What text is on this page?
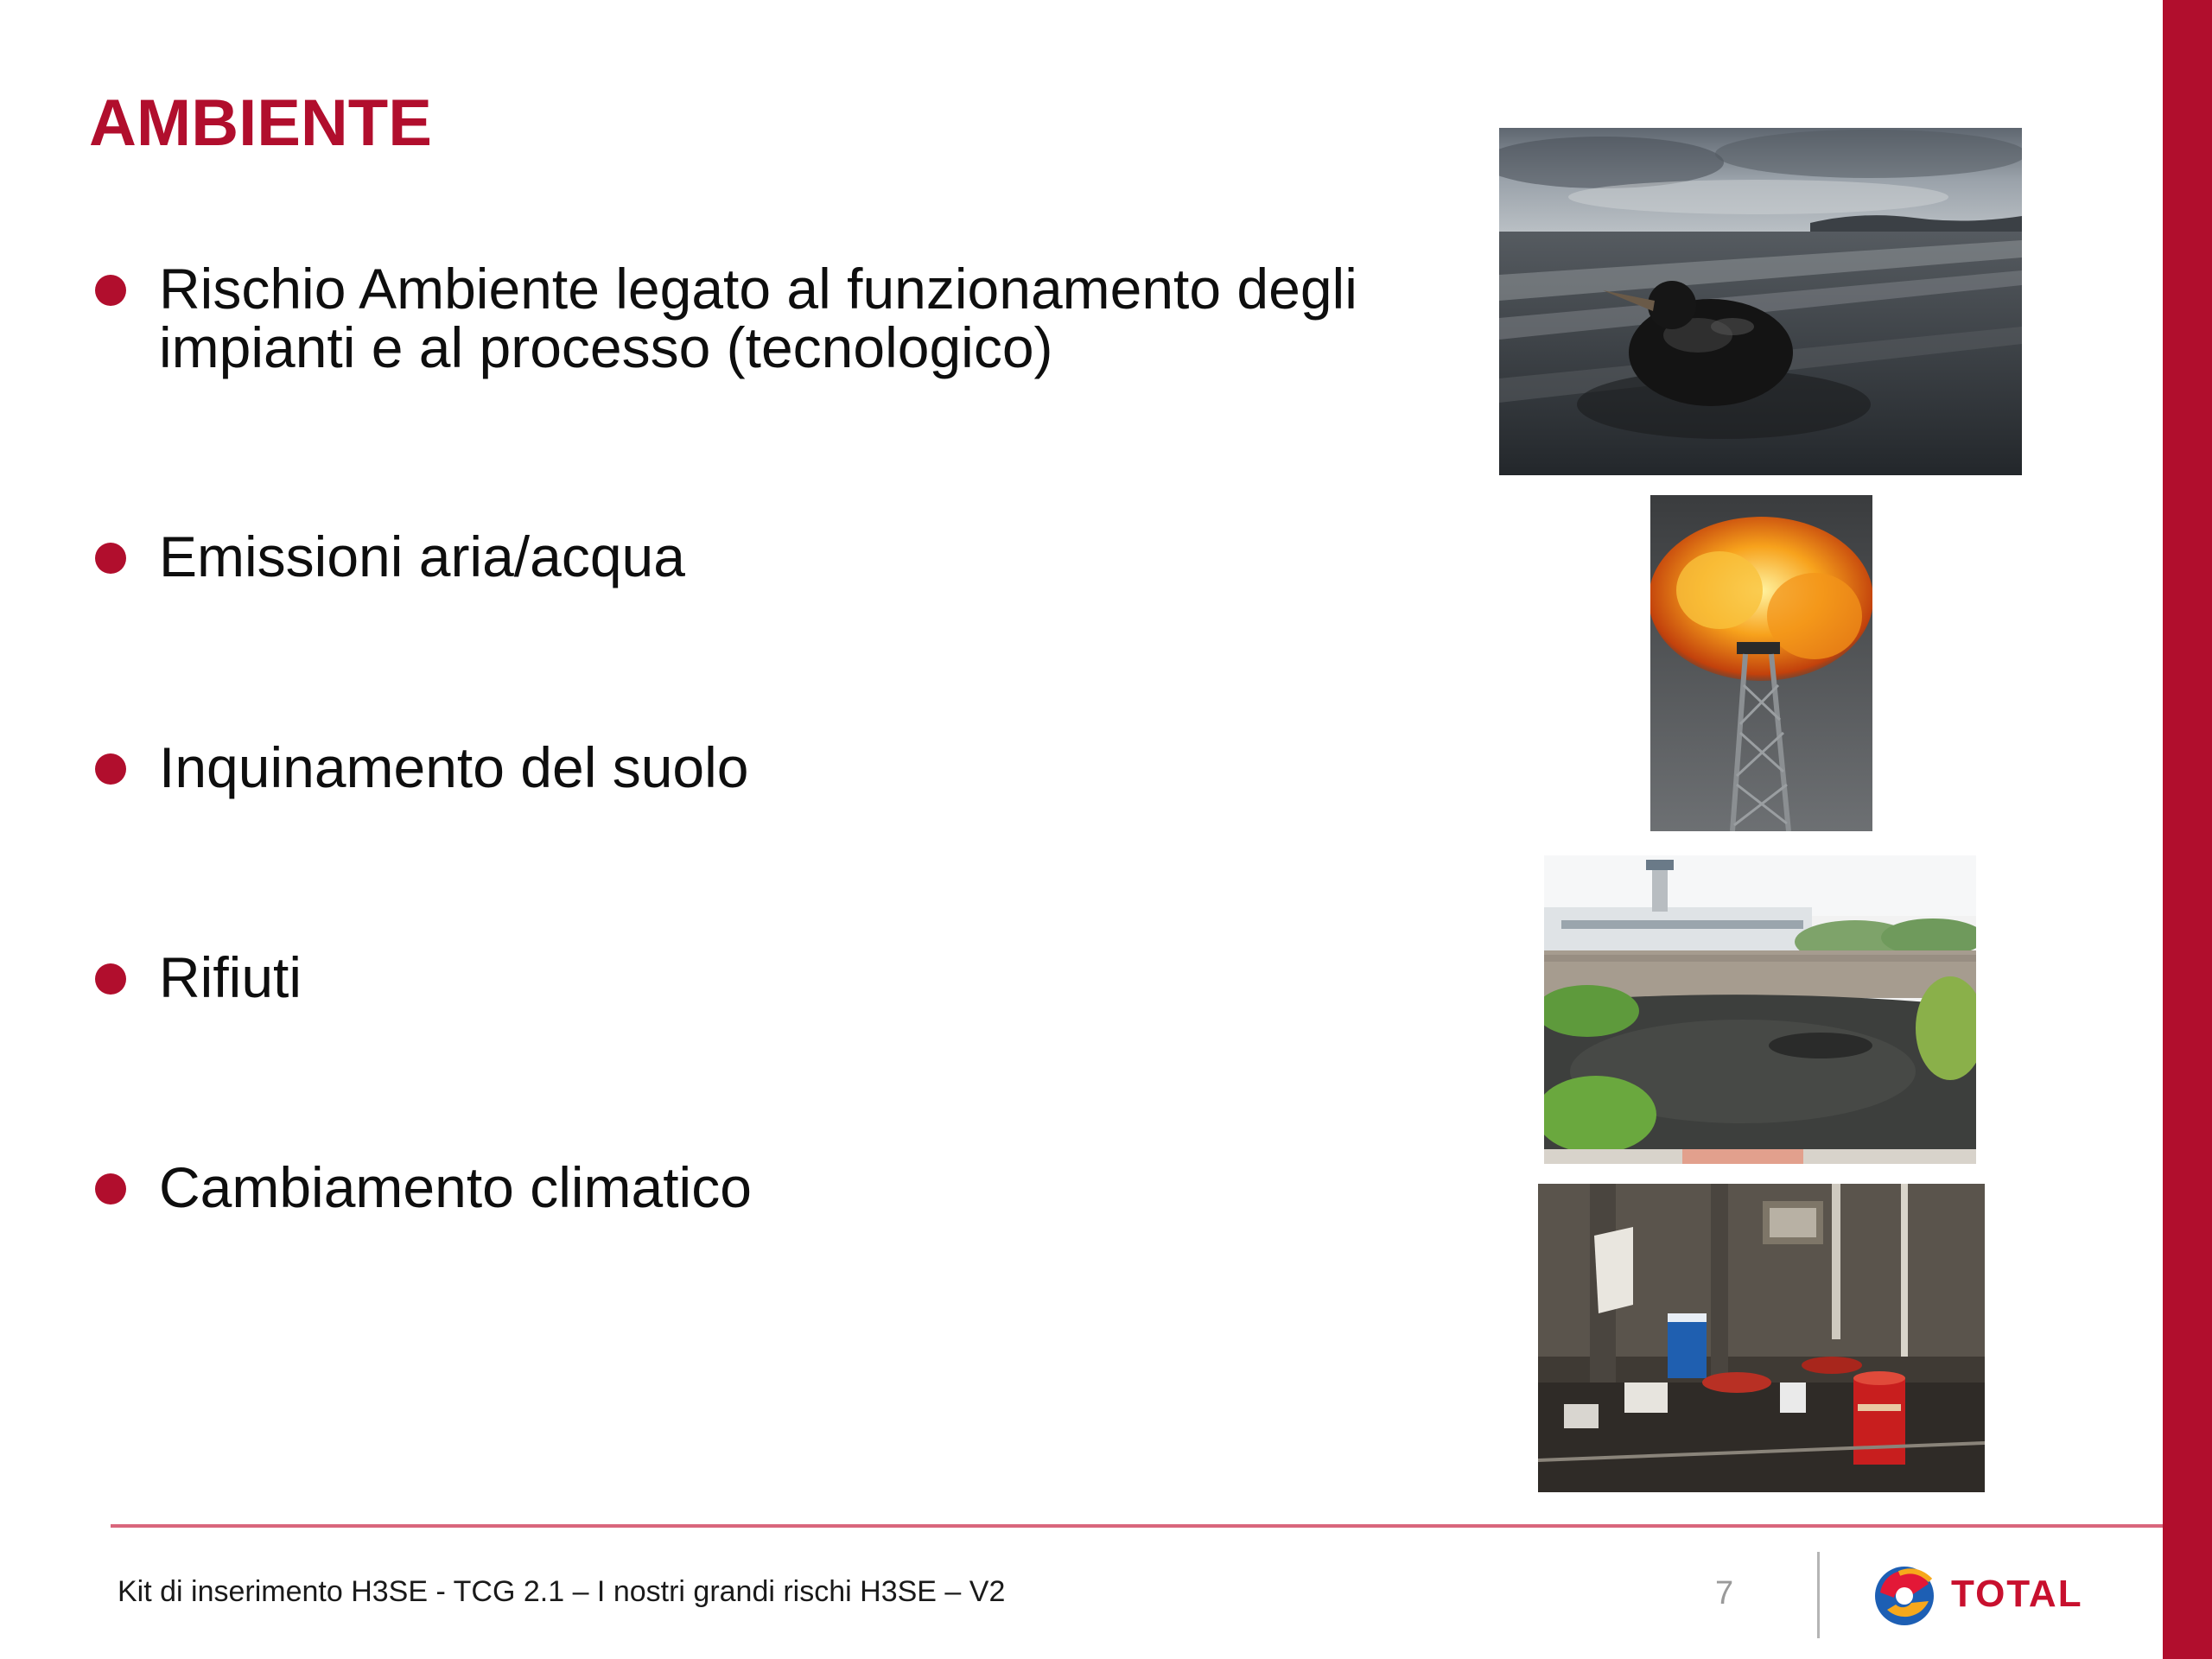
AMBIENTE
Rischio Ambiente legato al funzionamento degli
impianti e al processo (tecnologico)
Emissioni aria/acqua
Inquinamento del suolo
Rifiuti
Cambiamento climatico
Kit di inserimento H3SE - TCG 2.1 – I nostri grandi rischi H3SE – V2	7	TOTAL
